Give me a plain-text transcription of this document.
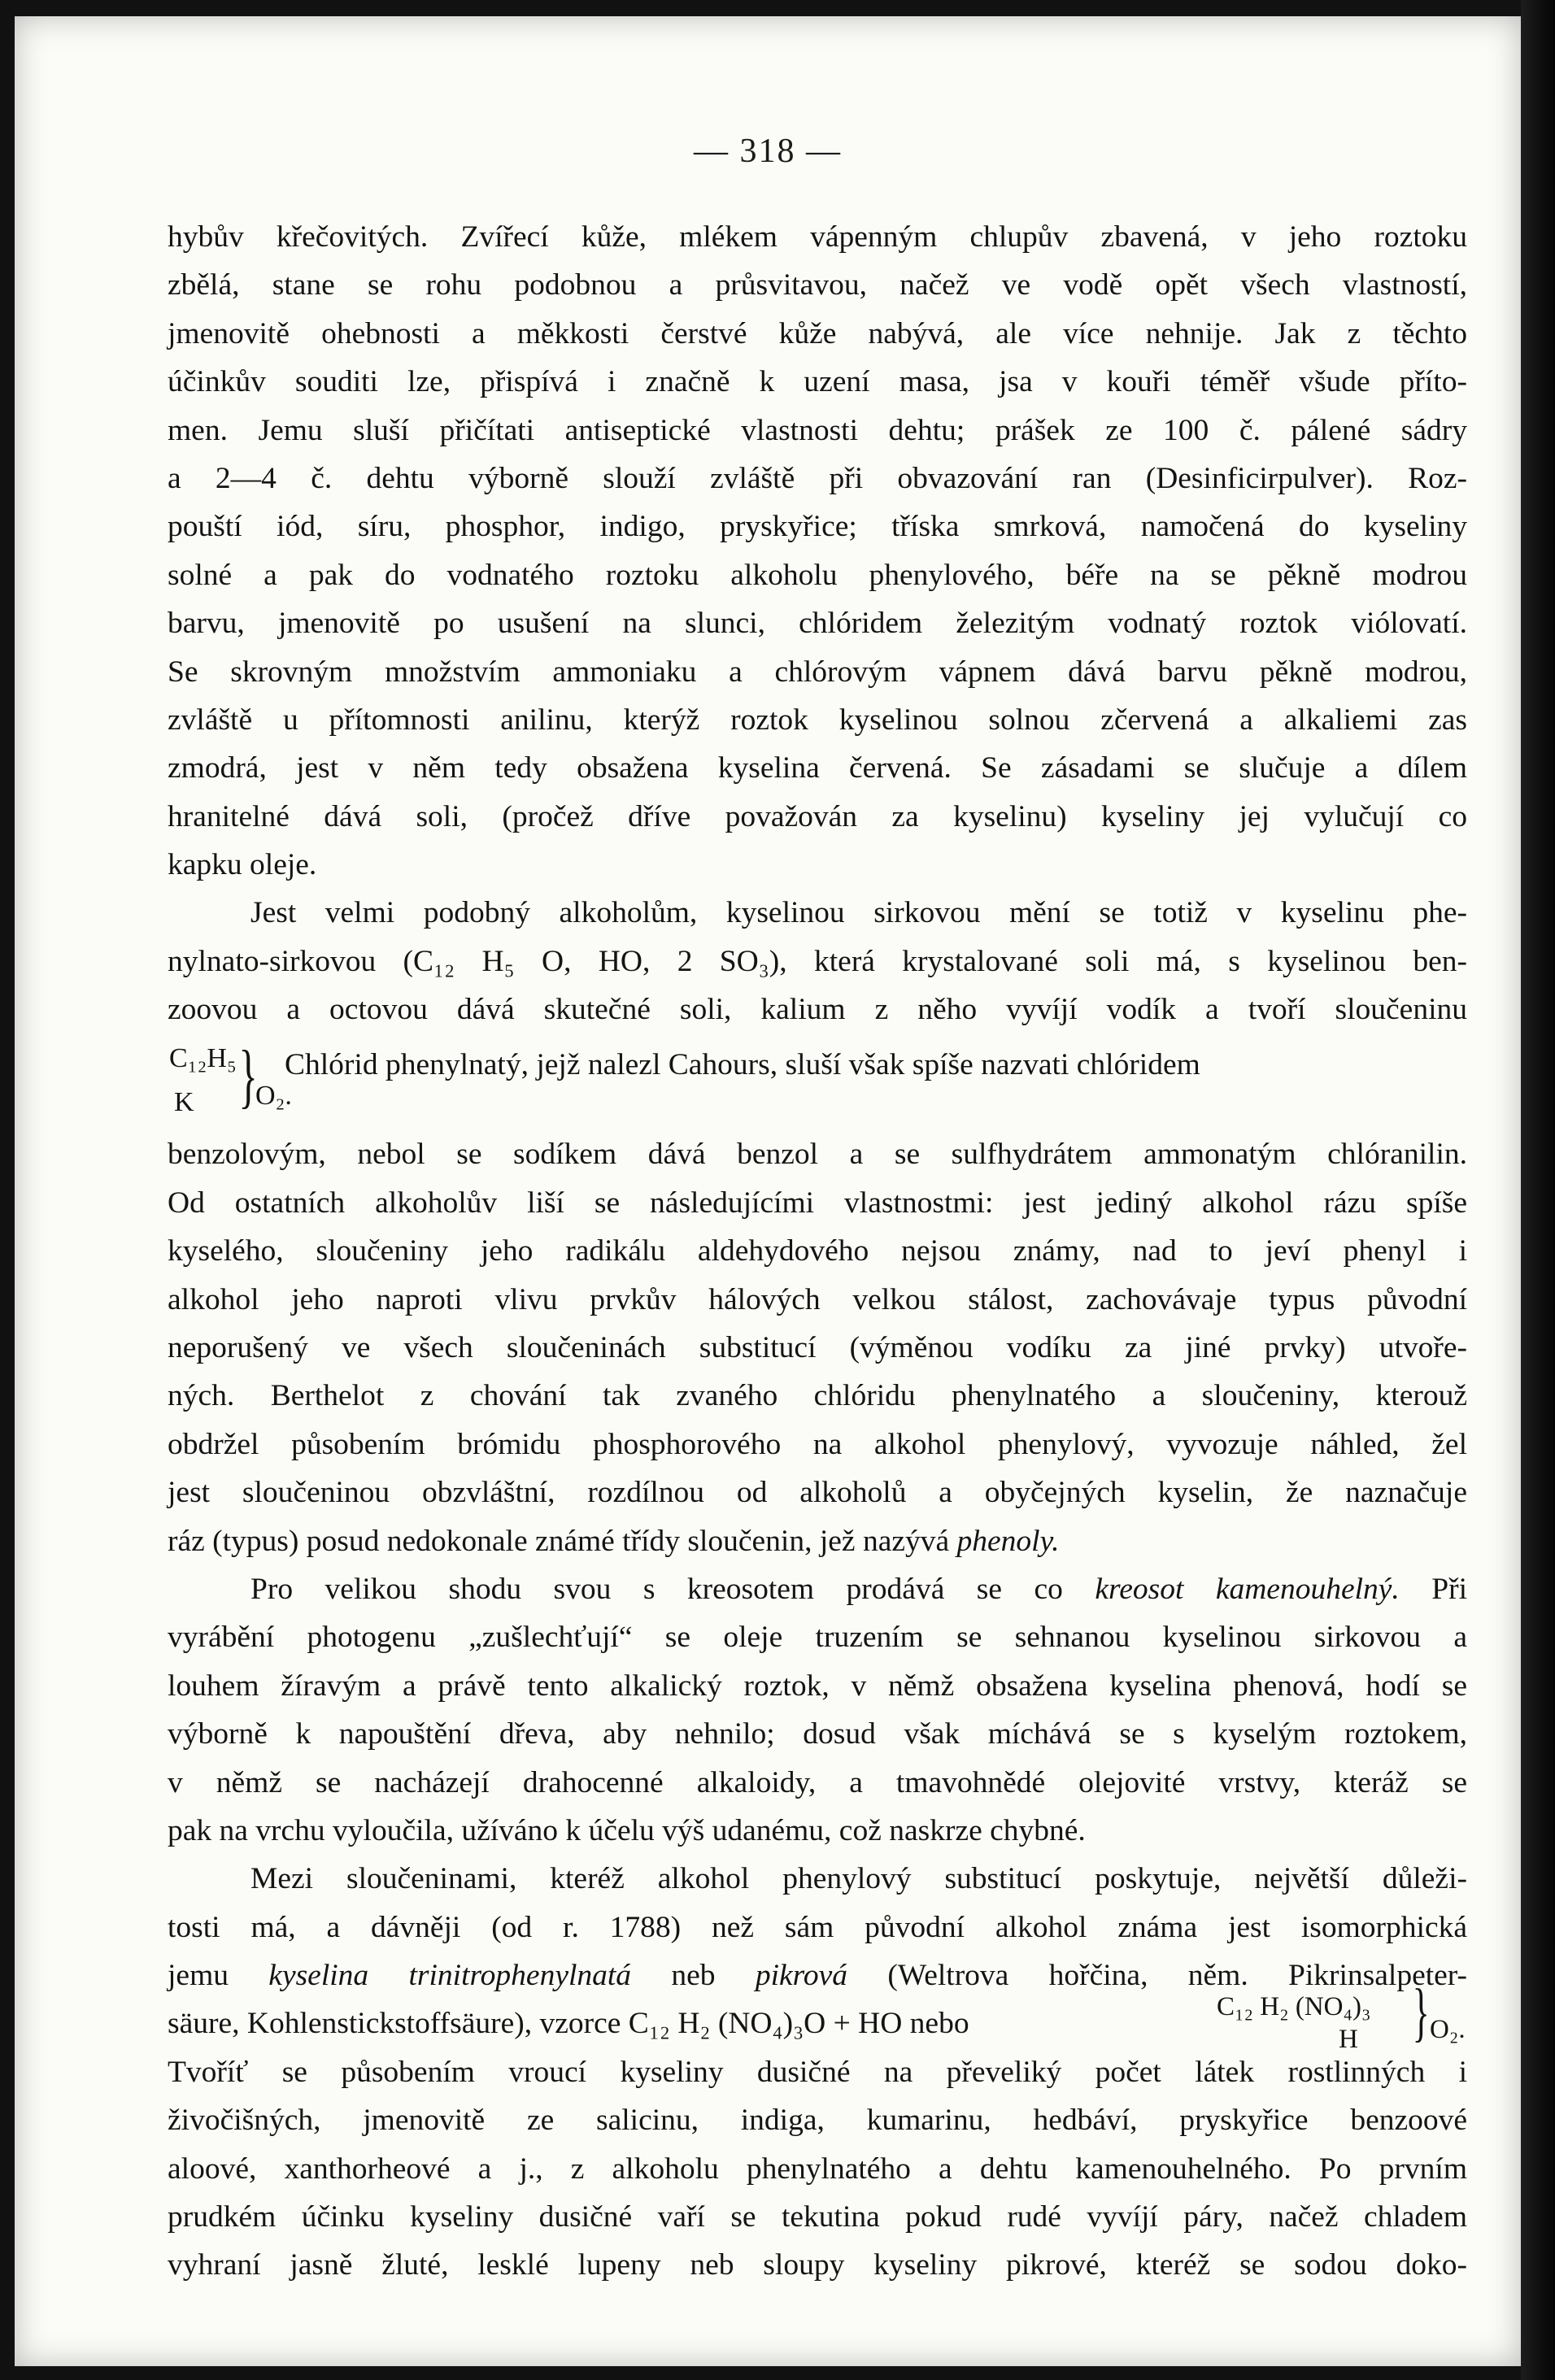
— 318 —
hybův křečovitých. Zvířecí kůže, mlékem vápenným chlupův zbavená, v jeho roztoku
zbělá, stane se rohu podobnou a průsvitavou, načež ve vodě opět všech vlastností,
jmenovitě ohebnosti a měkkosti čerstvé kůže nabývá, ale více nehnije. Jak z těchto
účinkův souditi lze, přispívá i značně k uzení masa, jsa v kouři téměř všude příto-
men. Jemu sluší přičítati antiseptické vlastnosti dehtu; prášek ze 100 č. pálené sádry
a 2—4 č. dehtu výborně slouží zvláště při obvazování ran (Desinficirpulver). Roz-
pouští iód, síru, phosphor, indigo, pryskyřice; tříska smrková, namočená do kyseliny
solné a pak do vodnatého roztoku alkoholu phenylového, béře na se pěkně modrou
barvu, jmenovitě po usušení na slunci, chlóridem železitým vodnatý roztok viólovatí.
Se skrovným množstvím ammoniaku a chlórovým vápnem dává barvu pěkně modrou,
zvláště u přítomnosti anilinu, kterýž roztok kyselinou solnou zčervená a alkaliemi zas
zmodrá, jest v něm tedy obsažena kyselina červená. Se zásadami se slučuje a dílem
hranitelné dává soli, (pročež dříve považován za kyselinu) kyseliny jej vylučují co
kapku oleje.
Jest velmi podobný alkoholům, kyselinou sirkovou mění se totiž v kyselinu phe-
nylnato-sirkovou (C₁₂ H₅ O, HO, 2 SO₃), která krystalované soli má, s kyselinou ben-
zoovou a octovou dává skutečné soli, kalium z něho vyvíjí vodík a tvoří sloučeninu
C₁₂H₅
K }
O₂.
Chlórid phenylnatý, jejž nalezl Cahours, sluší však spíše nazvati chlóridem
benzolovým, nebol se sodíkem dává benzol a se sulfhydrátem ammonatým chlóranilin.
Od ostatních alkoholův liší se následujícími vlastnostmi: jest jediný alkohol rázu spíše
kyselého, sloučeniny jeho radikálu aldehydového nejsou známy, nad to jeví phenyl i
alkohol jeho naproti vlivu prvkův hálových velkou stálost, zachovávaje typus původní
neporušený ve všech sloučeninách substitucí (výměnou vodíku za jiné prvky) utvoře-
ných. Berthelot z chování tak zvaného chlóridu phenylnatého a sloučeniny, kterouž
obdržel působením brómidu phosphorového na alkohol phenylový, vyvozuje náhled, žel
jest sloučeninou obzvláštní, rozdílnou od alkoholů a obyčejných kyselin, že naznačuje
ráz (typus) posud nedokonale známé třídy sloučenin, jež nazývá phenoly.
Pro velikou shodu svou s kreosotem prodává se co kreosot kamenouhelný. Při
vyrábění photogenu „zušlechťují“ se oleje truzením se sehnanou kyselinou sirkovou a
louhem žíravým a právě tento alkalický roztok, v němž obsažena kyselina phenová, hodí se
výborně k napouštění dřeva, aby nehnilo; dosud však míchává se s kyselým roztokem,
v němž se nacházejí drahocenné alkaloidy, a tmavohnědé olejovité vrstvy, kteráž se
pak na vrchu vyloučila, užíváno k účelu výš udanému, což naskrze chybné.
Mezi sloučeninami, kteréž alkohol phenylový substitucí poskytuje, největší důleži-
tosti má, a dávněji (od r. 1788) než sám původní alkohol známa jest isomorphická
jemu kyselina trinitrophenylnatá neb pikrová (Weltrova hořčina, něm. Pikrinsalpeter-
säure, Kohlenstickstoffsäure), vzorce C₁₂ H₂ (NO₄)₃O + HO nebo	C₁₂ H₂ (NO₄)₃
H } O₂.
Tvoříť se působením vroucí kyseliny dusičné na převeliký počet látek rostlinných i
živočišných, jmenovitě ze salicinu, indiga, kumarinu, hedbáví, pryskyřice benzoové
aloové, xanthorheové a j., z alkoholu phenylnatého a dehtu kamenouhelného. Po prvním
prudkém účinku kyseliny dusičné vaří se tekutina pokud rudé vyvíjí páry, načež chladem
vyhraní jasně žluté, lesklé lupeny neb sloupy kyseliny pikrové, kteréž se sodou doko-
